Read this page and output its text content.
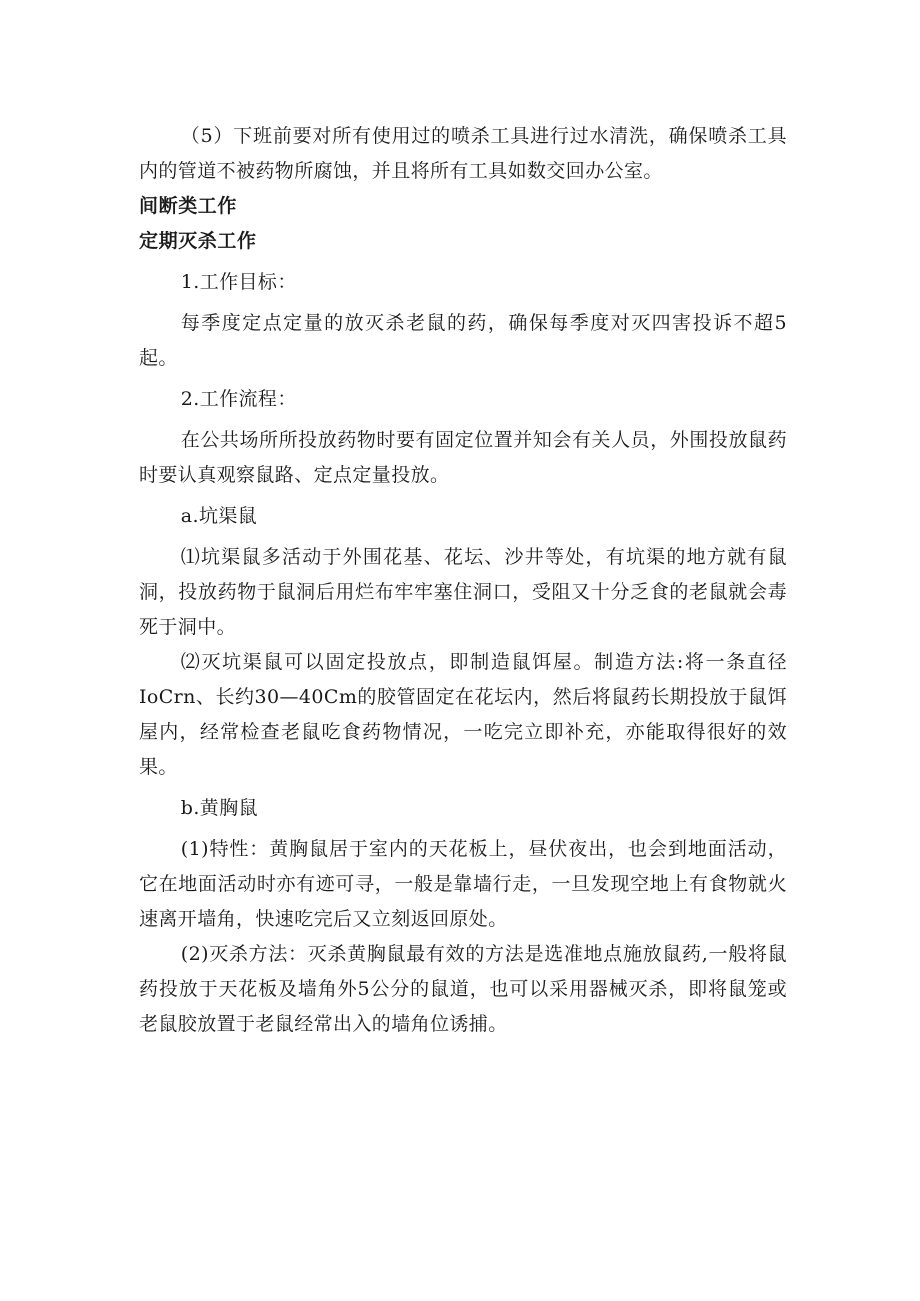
（5）下班前要对所有使用过的喷杀工具进行过水清洗，确保喷杀工具内的管道不被药物所腐蚀，并且将所有工具如数交回办公室。

间断类工作
定期灭杀工作

1.工作目标：

每季度定点定量的放灭杀老鼠的药，确保每季度对灭四害投诉不超5起。

2.工作流程：

在公共场所所投放药物时要有固定位置并知会有关人员，外围投放鼠药时要认真观察鼠路、定点定量投放。

a.坑渠鼠

⑴坑渠鼠多活动于外围花基、花坛、沙井等处，有坑渠的地方就有鼠洞，投放药物于鼠洞后用烂布牢牢塞住洞口，受阻又十分乏食的老鼠就会毒死于洞中。

⑵灭坑渠鼠可以固定投放点，即制造鼠饵屋。制造方法:将一条直径IoCrn、长约30—40Cm的胶管固定在花坛内，然后将鼠药长期投放于鼠饵屋内，经常检查老鼠吃食药物情况，一吃完立即补充，亦能取得很好的效果。

b.黄胸鼠

(1)特性：黄胸鼠居于室内的天花板上，昼伏夜出，也会到地面活动，它在地面活动时亦有迹可寻，一般是靠墙行走，一旦发现空地上有食物就火速离开墙角，快速吃完后又立刻返回原处。

(2)灭杀方法：灭杀黄胸鼠最有效的方法是选准地点施放鼠药,一般将鼠药投放于天花板及墙角外5公分的鼠道，也可以采用器械灭杀，即将鼠笼或老鼠胶放置于老鼠经常出入的墙角位诱捕。
